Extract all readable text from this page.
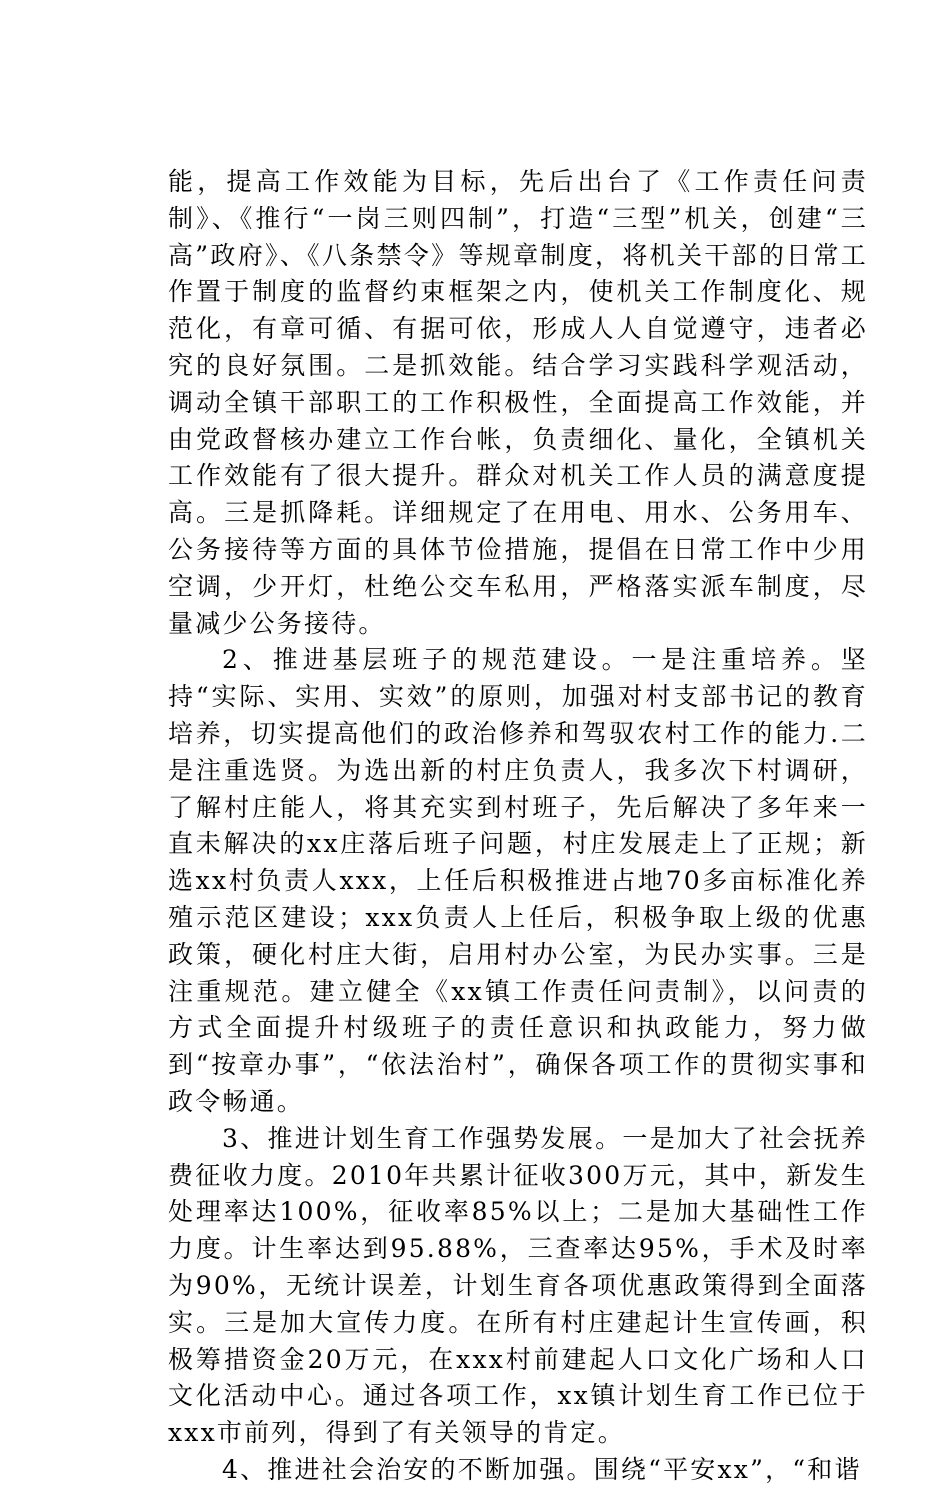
能，提高工作效能为目标，先后出台了《工作责任问责制》、《推行“一岗三则四制”，打造“三型”机关，创建“三高”政府》、《八条禁令》等规章制度，将机关干部的日常工作置于制度的监督约束框架之内，使机关工作制度化、规范化，有章可循、有据可依，形成人人自觉遵守，违者必究的良好氛围。二是抓效能。结合学习实践科学观活动，调动全镇干部职工的工作积极性，全面提高工作效能，并由党政督核办建立工作台帐，负责细化、量化，全镇机关工作效能有了很大提升。群众对机关工作人员的满意度提高。三是抓降耗。详细规定了在用电、用水、公务用车、公务接待等方面的具体节俭措施，提倡在日常工作中少用空调，少开灯，杜绝公交车私用，严格落实派车制度，尽量减少公务接待。

2、推进基层班子的规范建设。一是注重培养。坚持“实际、实用、实效”的原则，加强对村支部书记的教育培养，切实提高他们的政治修养和驾驭农村工作的能力.二是注重选贤。为选出新的村庄负责人，我多次下村调研，了解村庄能人，将其充实到村班子，先后解决了多年来一直未解决的xx庄落后班子问题，村庄发展走上了正规；新选xx村负责人xxx，上任后积极推进占地70多亩标准化养殖示范区建设；xxx负责人上任后，积极争取上级的优惠政策，硬化村庄大街，启用村办公室，为民办实事。三是注重规范。建立健全《xx镇工作责任问责制》，以问责的方式全面提升村级班子的责任意识和执政能力，努力做到“按章办事”，“依法治村”，确保各项工作的贯彻实事和政令畅通。

3、推进计划生育工作强势发展。一是加大了社会抚养费征收力度。2010年共累计征收300万元，其中，新发生处理率达100%，征收率85%以上；二是加大基础性工作力度。计生率达到95.88%，三查率达95%，手术及时率为90%，无统计误差，计划生育各项优惠政策得到全面落实。三是加大宣传力度。在所有村庄建起计生宣传画，积极筹措资金20万元，在xxx村前建起人口文化广场和人口文化活动中心。通过各项工作，xx镇计划生育工作已位于xxx市前列，得到了有关领导的肯定。

4、推进社会治安的不断加强。围绕“平安xx”，“和谐
